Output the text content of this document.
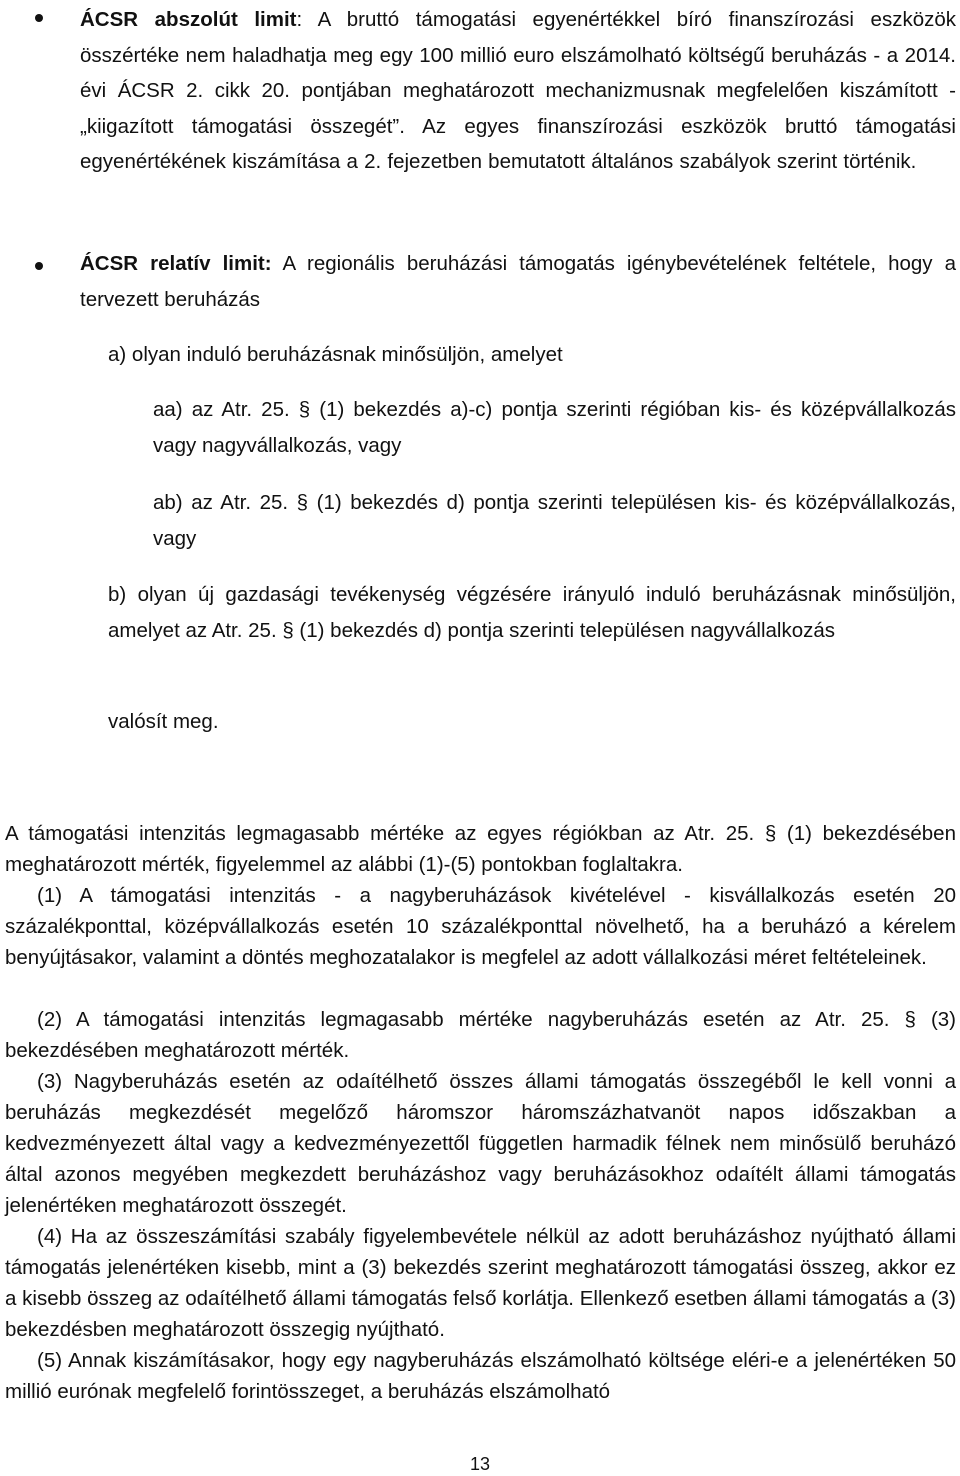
ÁCSR abszolút limit: A bruttó támogatási egyenértékkel bíró finanszírozási eszközök összértéke nem haladhatja meg egy 100 millió euro elszámolható költségű beruházás - a 2014. évi ÁCSR 2. cikk 20. pontjában meghatározott mechanizmusnak megfelelően kiszámított - „kiigazított támogatási összegét”. Az egyes finanszírozási eszközök bruttó támogatási egyenértékének kiszámítása a 2. fejezetben bemutatott általános szabályok szerint történik.
ÁCSR relatív limit: A regionális beruházási támogatás igénybevételének feltétele, hogy a tervezett beruházás
a) olyan induló beruházásnak minősüljön, amelyet
aa) az Atr. 25. § (1) bekezdés a)-c) pontja szerinti régióban kis- és középvállalkozás vagy nagyvállalkozás, vagy
ab) az Atr. 25. § (1) bekezdés d) pontja szerinti településen kis- és középvállalkozás, vagy
b) olyan új gazdasági tevékenység végzésére irányuló induló beruházásnak minősüljön, amelyet az Atr. 25. § (1) bekezdés d) pontja szerinti településen nagyvállalkozás
valósít meg.
A támogatási intenzitás legmagasabb mértéke az egyes régiókban az Atr. 25. § (1) bekezdésében meghatározott mérték, figyelemmel az alábbi (1)-(5) pontokban foglaltakra.
(1) A támogatási intenzitás - a nagyberuházások kivételével - kisvállalkozás esetén 20 százalékponttal, középvállalkozás esetén 10 százalékponttal növelhető, ha a beruházó a kérelem benyújtásakor, valamint a döntés meghozatalakor is megfelel az adott vállalkozási méret feltételeinek.
(2) A támogatási intenzitás legmagasabb mértéke nagyberuházás esetén az Atr. 25. § (3) bekezdésében meghatározott mérték.
(3) Nagyberuházás esetén az odaítélhető összes állami támogatás összegéből le kell vonni a beruházás megkezdését megelőző háromszor háromszázhatvanöt napos időszakban a kedvezményezett által vagy a kedvezményezettől független harmadik félnek nem minősülő beruházó által azonos megyében megkezdett beruházáshoz vagy beruházásokhoz odaítélt állami támogatás jelenértéken meghatározott összegét.
(4) Ha az összeszámítási szabály figyelembevétele nélkül az adott beruházáshoz nyújtható állami támogatás jelenértéken kisebb, mint a (3) bekezdés szerint meghatározott támogatási összeg, akkor ez a kisebb összeg az odaítélhető állami támogatás felső korlátja. Ellenkező esetben állami támogatás a (3) bekezdésben meghatározott összegig nyújtható.
(5) Annak kiszámításakor, hogy egy nagyberuházás elszámolható költsége eléri-e a jelenértéken 50 millió eurónak megfelelő forintösszeget, a beruházás elszámolható
13
